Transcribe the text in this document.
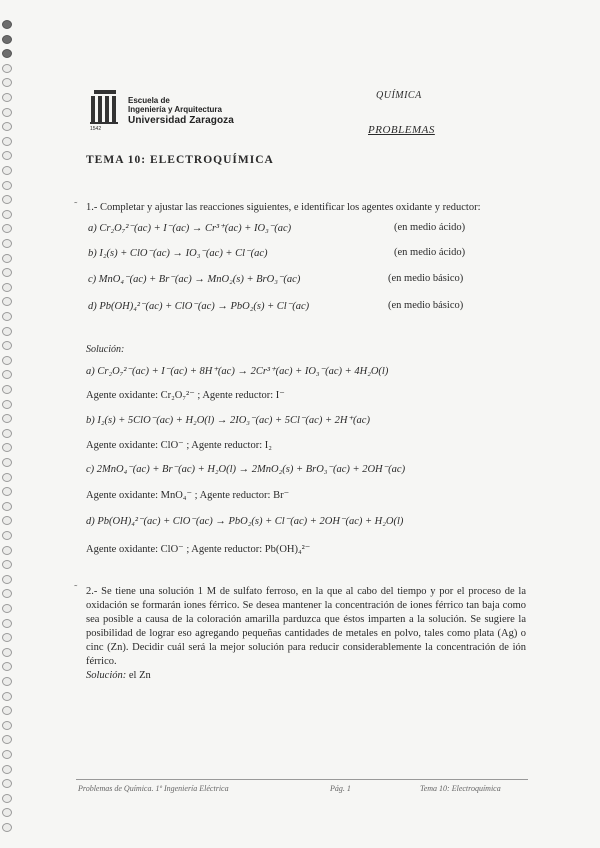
1542
Escuela de
Ingeniería y Arquitectura
Universidad Zaragoza
QUÍMICA
PROBLEMAS
TEMA 10: ELECTROQUÍMICA
˜ 1.- Completar y ajustar las reacciones siguientes, e identificar los agentes oxidante y reductor:
a) Cr₂O₇²⁻(ac) + I⁻(ac) → Cr³⁺(ac) + IO₃⁻(ac)	(en medio ácido)
b) I₂(s) + ClO⁻(ac) → IO₃⁻(ac) + Cl⁻(ac)	(en medio ácido)
c) MnO₄⁻(ac) + Br⁻(ac) → MnO₂(s) + BrO₃⁻(ac)	(en medio básico)
d) Pb(OH)₄²⁻(ac) + ClO⁻(ac) → PbO₂(s) + Cl⁻(ac)	(en medio básico)
Solución:
a) Cr₂O₇²⁻(ac) + I⁻(ac) + 8H⁺(ac) → 2Cr³⁺(ac) + IO₃⁻(ac) + 4H₂O(l)
Agente oxidante: Cr₂O₇²⁻ ; Agente reductor: I⁻
b) I₂(s) + 5ClO⁻(ac) + H₂O(l) → 2IO₃⁻(ac) + 5Cl⁻(ac) + 2H⁺(ac)
Agente oxidante: ClO⁻ ; Agente reductor: I₂
c) 2MnO₄⁻(ac) + Br⁻(ac) + H₂O(l) → 2MnO₂(s) + BrO₃⁻(ac) + 2OH⁻(ac)
Agente oxidante: MnO₄⁻ ; Agente reductor: Br⁻
d) Pb(OH)₄²⁻(ac) + ClO⁻(ac) → PbO₂(s) + Cl⁻(ac) + 2OH⁻(ac) + H₂O(l)
Agente oxidante: ClO⁻ ; Agente reductor: Pb(OH)₄²⁻
˜ 2.- Se tiene una solución 1 M de sulfato ferroso, en la que al cabo del tiempo y por el proceso de la oxidación se formarán iones férrico. Se desea mantener la concentración de iones férrico tan baja como sea posible a causa de la coloración amarilla parduzca que éstos imparten a la solución. Se sugiere la posibilidad de lograr eso agregando pequeñas cantidades de metales en polvo, tales como plata (Ag) o cinc (Zn). Decidir cuál será la mejor solución para reducir considerablemente la concentración de ión férrico.
Solución: el Zn
Problemas de Química. 1º Ingeniería Eléctrica	Pág. 1	Tema 10: Electroquímica
